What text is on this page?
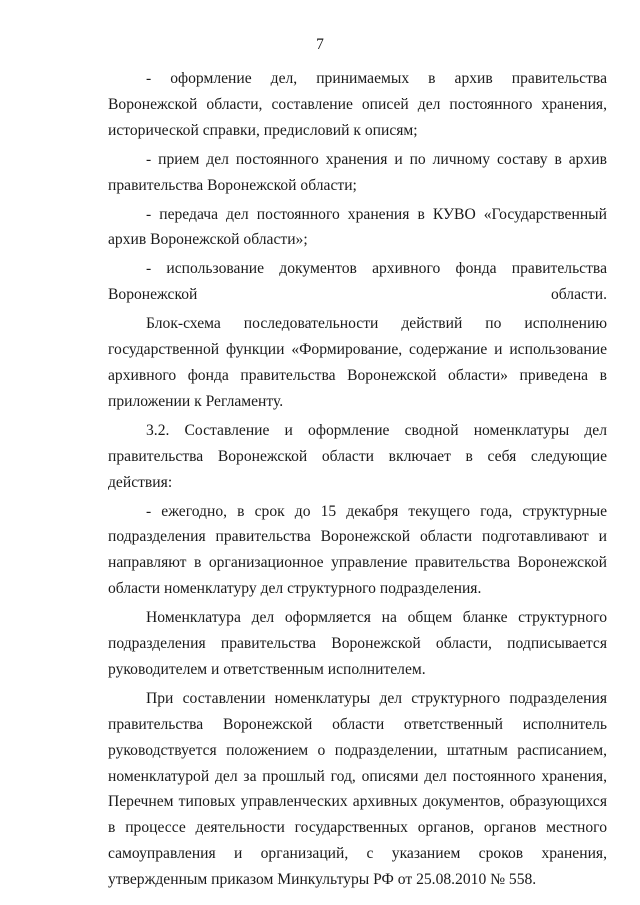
7

- оформление дел, принимаемых в архив правительства Воронежской области, составление описей дел постоянного хранения, исторической справки, предисловий к описям;

- прием дел постоянного хранения и по личному составу в архив правительства Воронежской области;

- передача дел постоянного хранения в КУВО «Государственный архив Воронежской области»;

- использование документов архивного фонда правительства Воронежской области.

Блок-схема последовательности действий по исполнению государственной функции «Формирование, содержание и использование архивного фонда правительства Воронежской области» приведена в приложении к Регламенту.

3.2. Составление и оформление сводной номенклатуры дел правительства Воронежской области включает в себя следующие действия:

- ежегодно, в срок до 15 декабря текущего года, структурные подразделения правительства Воронежской области подготавливают и направляют в организационное управление правительства Воронежской области номенклатуру дел структурного подразделения.

Номенклатура дел оформляется на общем бланке структурного подразделения правительства Воронежской области, подписывается руководителем и ответственным исполнителем.

При составлении номенклатуры дел структурного подразделения правительства Воронежской области ответственный исполнитель руководствуется положением о подразделении, штатным расписанием, номенклатурой дел за прошлый год, описями дел постоянного хранения, Перечнем типовых управленческих архивных документов, образующихся в процессе деятельности государственных органов, органов местного самоуправления и организаций, с указанием сроков хранения, утвержденным приказом Минкультуры РФ от 25.08.2010 № 558.
